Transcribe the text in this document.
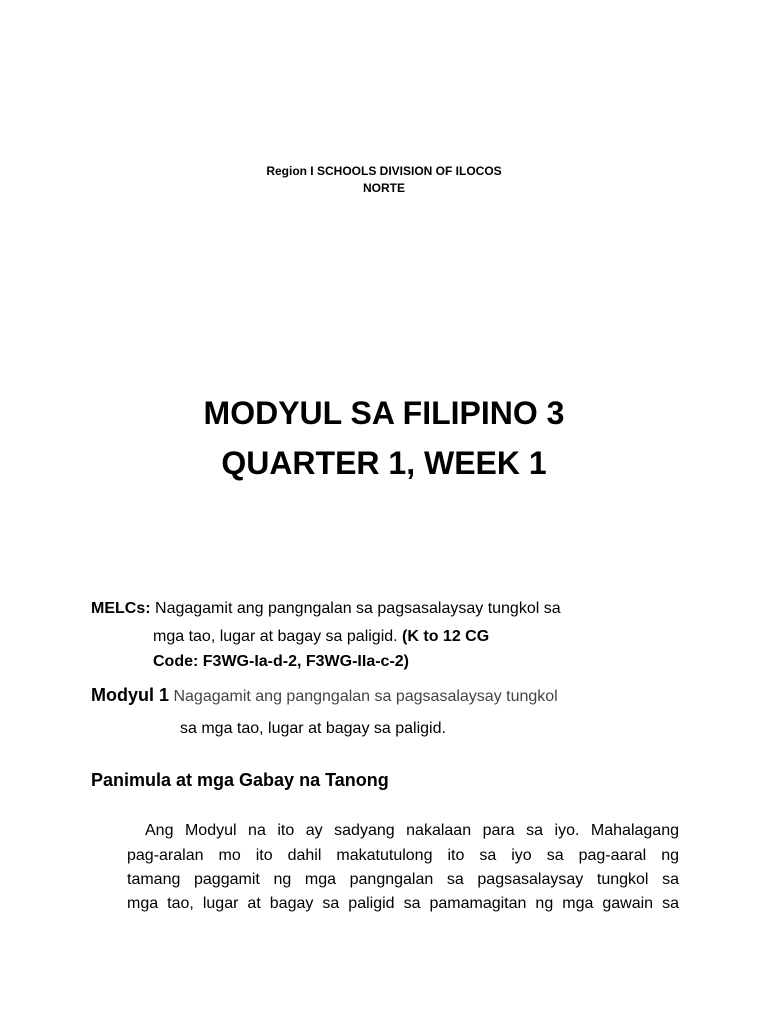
Region I SCHOOLS DIVISION OF ILOCOS
NORTE
MODYUL SA FILIPINO 3
QUARTER 1, WEEK 1
MELCs: Nagagamit ang pangngalan sa pagsasalaysay tungkol sa
mga tao, lugar at bagay sa paligid. (K to 12 CG
Code: F3WG-Ia-d-2, F3WG-IIa-c-2)
Modyul 1 Nagagamit ang pangngalan sa pagsasalaysay tungkol
sa mga tao, lugar at bagay sa paligid.
Panimula at mga Gabay na Tanong
Ang Modyul na ito ay sadyang nakalaan para sa iyo. Mahalagang
pag-aralan mo ito dahil makatutulong ito sa iyo sa pag-aaral ng
tamang paggamit ng mga pangngalan sa pagsasalaysay tungkol sa
mga tao, lugar at bagay sa paligid sa pamamagitan ng mga gawain sa
